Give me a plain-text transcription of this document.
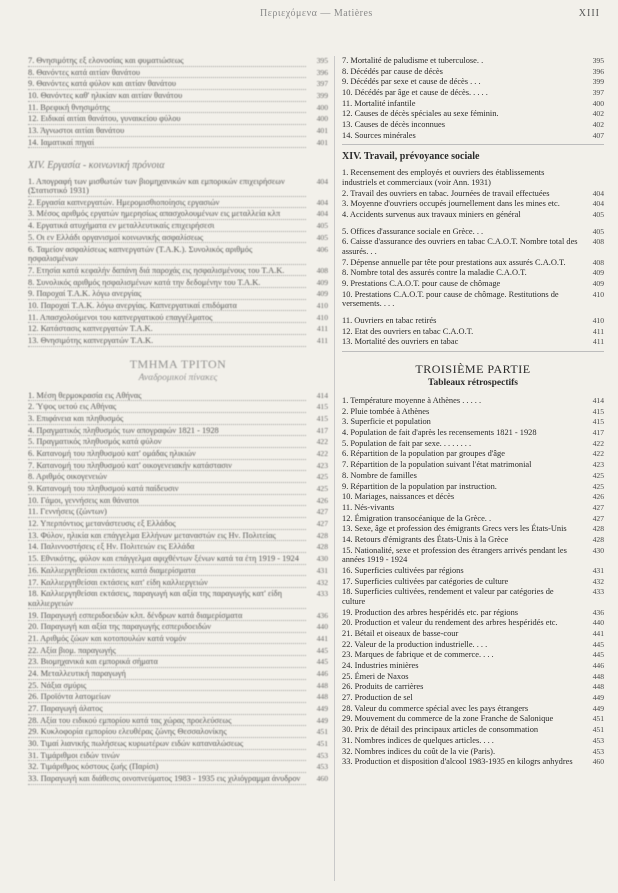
Περιεχόμενα — Matières	XIII
7. Θνησιμότης εξ ελονοσίας και φυματιώσεως	395
8. Θανόντες κατά αιτίαν θανάτου	396
9. Θανόντες κατά φύλον και αιτίαν θανάτου	397
10. Θανόντες καθ' ηλικίαν και αιτίαν θανάτου	399
11. Βρεφική θνησιμότης	400
12. Ειδικαί αιτίαι θανάτου, γυναικείου φύλου	400
13. Άγνωστοι αιτίαι θανάτου	401
14. Ιαματικαί πηγαί	401
XIV. Εργασία - κοινωνική πρόνοια
1. Απογραφή των μισθωτών των βιομηχανικών και εμπορικών επιχειρήσεων (Στατιστικό 1931)
404
2. Εργασία καπνεργατών. Ημερομισθιοποίησις εργασιών	404
3. Μέσος αριθμός εργατών ημερησίως απασχολουμένων εις μεταλλεία κλπ	404
4. Εργατικά ατυχήματα εν μεταλλευτικαίς επιχειρήσεσι	405
5. Οι εν Ελλάδι οργανισμοί κοινωνικής ασφαλίσεως	405
6. Ταμείον ασφαλίσεως καπνεργατών (Τ.Α.Κ.). Συνολικός αριθμός ησφαλισμένων
406
7. Ετησία κατά κεφαλήν δαπάνη διά παροχάς εις ησφαλισμένους του Τ.Α.Κ.	408
8. Συνολικός αριθμός ησφαλισμένων κατά την δεδομένην του Τ.Α.Κ.	409
9. Παροχαί Τ.Α.Κ. λόγω ανεργίας	409
10. Παροχαί Τ.Α.Κ. λόγω ανεργίας. Καπνεργατικαί επιδόματα	410
11. Απασχολούμενοι του καπνεργατικού επαγγέλματος	410
12. Κατάστασις καπνεργατών Τ.Α.Κ.	411
13. Θνησιμότης καπνεργατών Τ.Α.Κ.	411
ΤΜΗΜΑ ΤΡΙΤΟΝ
Αναδρομικοί πίνακες
1. Μέση θερμοκρασία εις Αθήνας	414
2. Ύψος υετού εις Αθήνας	415
3. Επιφάνεια και πληθυσμός	415
4. Πραγματικός πληθυσμός των απογραφών 1821 - 1928	417
5. Πραγματικός πληθυσμός κατά φύλον	422
6. Κατανομή του πληθυσμού κατ' ομάδας ηλικιών	422
7. Κατανομή του πληθυσμού κατ' οικογενειακήν κατάστασιν	423
8. Αριθμός οικογενειών	425
9. Κατανομή του πληθυσμού κατά παίδευσιν	425
10. Γάμοι, γεννήσεις και θάνατοι	426
11. Γεννήσεις (ζώντων)	427
12. Υπερπόντιος μετανάστευσις εξ Ελλάδος	427
13. Φύλον, ηλικία και επάγγελμα Ελλήνων μεταναστών εις Ην. Πολιτείας	428
14. Παλιννοστήσεις εξ Ην. Πολιτειών εις Ελλάδα	428
15. Εθνικότης, φύλον και επάγγελμα αφιχθέντων ξένων κατά τα έτη 1919 - 1924	430
16. Καλλιεργηθείσαι εκτάσεις κατά διαμερίσματα	431
17. Καλλιεργηθείσαι εκτάσεις κατ' είδη καλλιεργειών	432
18. Καλλιεργηθείσαι εκτάσεις, παραγωγή και αξία της παραγωγής κατ' είδη καλλιεργειών
433
19. Παραγωγή εσπεριδοειδών κλπ. δένδρων κατά διαμερίσματα	436
20. Παραγωγή και αξία της παραγωγής εσπεριδοειδών	440
21. Αριθμός ζώων και κοτοπουλών κατά νομόν	441
22. Αξία βιομ. παραγωγής	445
23. Βιομηχανικά και εμπορικά σήματα	445
24. Μεταλλευτική παραγωγή	446
25. Νάξια σμύρις	448
26. Προϊόντα λατομείων	448
27. Παραγωγή άλατος	449
28. Αξία του ειδικού εμπορίου κατά τας χώρας προελεύσεως	449
29. Κυκλοφορία εμπορίου ελευθέρας ζώνης Θεσσαλονίκης	451
30. Τιμαί λιανικής πωλήσεως κυριωτέρων ειδών καταναλώσεως	451
31. Τιμάριθμοι ειδών τινών	453
32. Τιμάριθμος κόστους ζωής (Παρίσι)	453
33. Παραγωγή και διάθεσις οινοπνεύματος 1983 - 1935 εις χιλιόγραμμα άνυδρον	460
7. Mortalité de paludisme et tuberculose. .	395
8. Décédés par cause de décès	396
9. Décédés par sexe et cause de décès . . .	399
10. Décédés par âge et cause de décès. . . . .	397
11. Mortalité infantile	400
12. Causes de décès spéciales au sexe féminin.	402
13. Causes de décès inconnues	402
14. Sources minérales	407
XIV. Travail, prévoyance sociale
1. Recensement des employés et ouvriers des établissements industriels et commerciaux (voir Ann. 1931)
2. Travail des ouvriers en tabac. Journées de travail effectuées	404
3. Moyenne d'ouvriers occupés journellement dans les mines etc.	404
4. Accidents survenus aux travaux miniers en général	405
5. Offices d'assurance sociale en Grèce. . .	405
6. Caisse d'assurance des ouvriers en tabac C.A.O.T. Nombre total des assurés. . .
408
7. Dépense annuelle par tête pour prestations aux assurés C.A.O.T.	408
8. Nombre total des assurés contre la maladie C.A.O.T.	409
9. Prestations C.A.O.T. pour cause de chômage	409
10. Prestations C.A.O.T. pour cause de chômage. Restitutions de versements. . . .
410
11. Ouvriers en tabac retirés	410
12. Etat des ouvriers en tabac C.A.O.T.	411
13. Mortalité des ouvriers en tabac	411
TROISIÈME PARTIE
Tableaux rétrospectifs
1. Température moyenne à Athènes . . . . .	414
2. Pluie tombée à Athènes	415
3. Superficie et population	415
4. Population de fait d'après les recensements 1821 - 1928	417
5. Population de fait par sexe. . . . . . . .	422
6. Répartition de la population par groupes d'âge	422
7. Répartition de la population suivant l'état matrimonial	423
8. Nombre de familles	425
9. Répartition de la population par instruction.	425
10. Mariages, naissances et décès	426
11. Nés-vivants	427
12. Émigration transocéanique de la Grèce. .	427
13. Sexe, âge et profession des émigrants Grecs vers les États-Unis	428
14. Retours d'émigrants des États-Unis à la Grèce	428
15. Nationalité, sexe et profession des étrangers arrivés pendant les années 1919 - 1924
430
16. Superficies cultivées par régions	431
17. Superficies cultivées par catégories de culture	432
18. Superficies cultivées, rendement et valeur par catégories de culture
433
19. Production des arbres hespéridés etc. par régions	436
20. Production et valeur du rendement des arbres hespéridés etc.	440
21. Bétail et oiseaux de basse-cour	441
22. Valeur de la production industrielle. . . .	445
23. Marques de fabrique et de commerce. . . .	445
24. Industries minières	446
25. Émeri de Naxos	448
26. Produits de carrières	448
27. Production de sel	449
28. Valeur du commerce spécial avec les pays étrangers	449
29. Mouvement du commerce de la zone Franche de Salonique	451
30. Prix de détail des principaux articles de consommation	451
31. Nombres indices de quelques articles. . . .	453
32. Nombres indices du coût de la vie (Paris).	453
33. Production et disposition d'alcool 1983-1935 en kilogrs anhydres	460
